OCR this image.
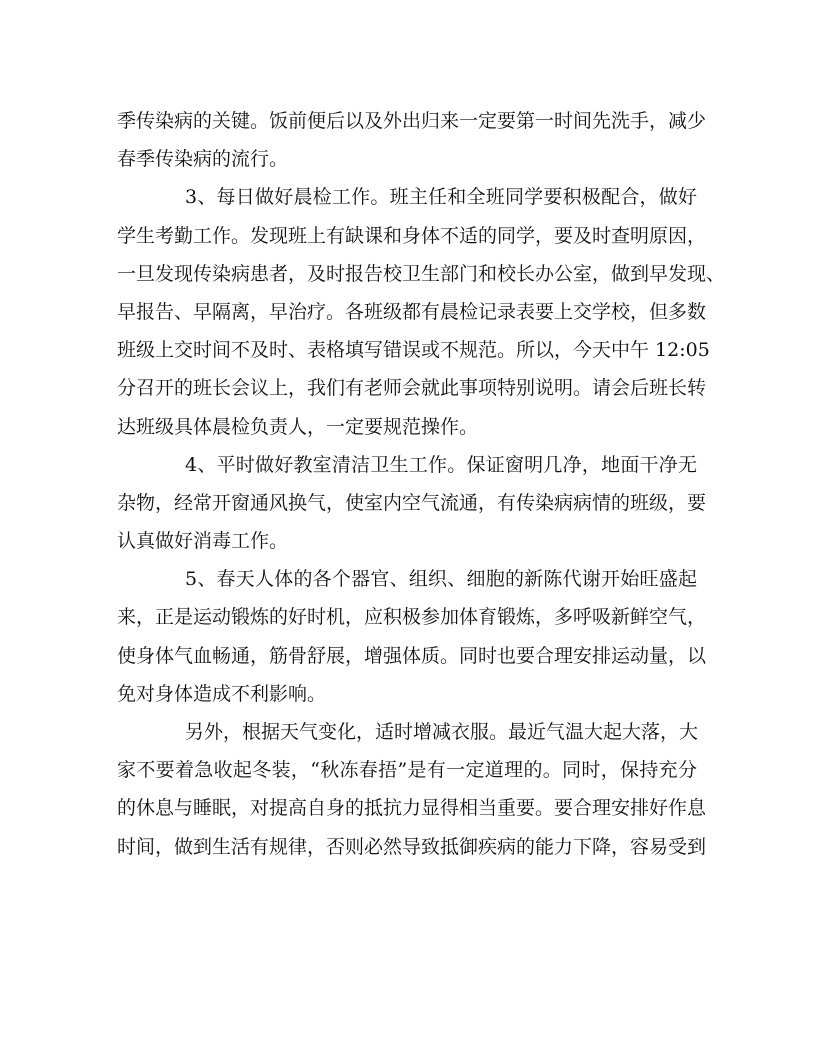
季传染病的关键。饭前便后以及外出归来一定要第一时间先洗手，减少
春季传染病的流行。
3、每日做好晨检工作。班主任和全班同学要积极配合，做好
学生考勤工作。发现班上有缺课和身体不适的同学，要及时查明原因，
一旦发现传染病患者，及时报告校卫生部门和校长办公室，做到早发现、
早报告、早隔离，早治疗。各班级都有晨检记录表要上交学校，但多数
班级上交时间不及时、表格填写错误或不规范。所以，今天中午 12:05
分召开的班长会议上，我们有老师会就此事项特别说明。请会后班长转
达班级具体晨检负责人，一定要规范操作。
4、平时做好教室清洁卫生工作。保证窗明几净，地面干净无
杂物，经常开窗通风换气，使室内空气流通，有传染病病情的班级，要
认真做好消毒工作。
5、春天人体的各个器官、组织、细胞的新陈代谢开始旺盛起
来，正是运动锻炼的好时机，应积极参加体育锻炼，多呼吸新鲜空气，
使身体气血畅通，筋骨舒展，增强体质。同时也要合理安排运动量，以
免对身体造成不利影响。
另外，根据天气变化，适时增减衣服。最近气温大起大落，大
家不要着急收起冬装，“秋冻春捂”是有一定道理的。同时，保持充分
的休息与睡眠，对提高自身的抵抗力显得相当重要。要合理安排好作息
时间，做到生活有规律，否则必然导致抵御疾病的能力下降，容易受到
